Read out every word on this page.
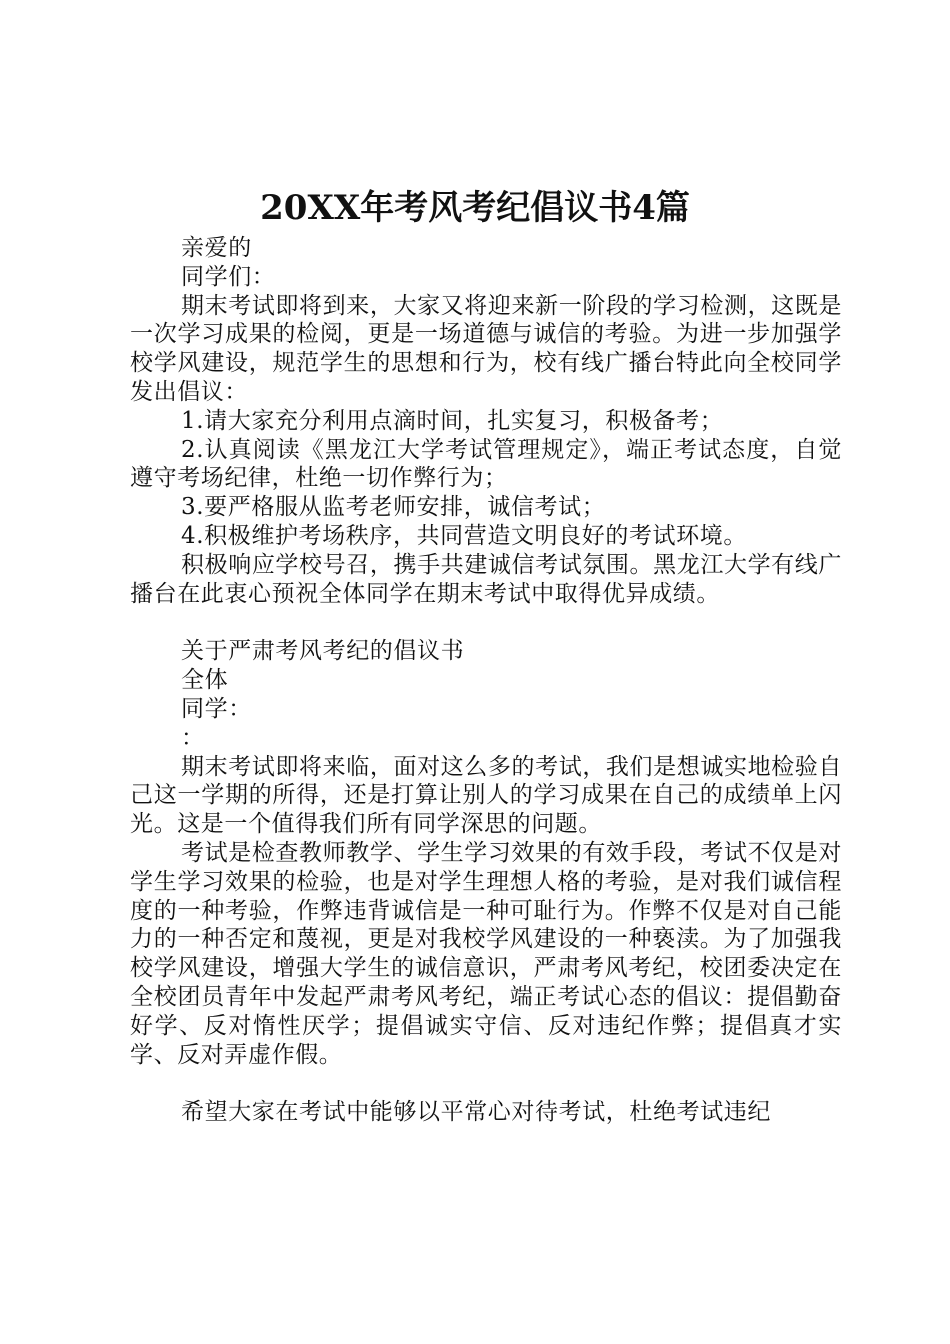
20XX年考风考纪倡议书4篇

亲爱的

同学们：

期末考试即将到来，大家又将迎来新一阶段的学习检测，这既是一次学习成果的检阅，更是一场道德与诚信的考验。为进一步加强学校学风建设，规范学生的思想和行为，校有线广播台特此向全校同学发出倡议：

1.请大家充分利用点滴时间，扎实复习，积极备考；

2.认真阅读《黑龙江大学考试管理规定》，端正考试态度，自觉遵守考场纪律，杜绝一切作弊行为；

3.要严格服从监考老师安排，诚信考试；

4.积极维护考场秩序，共同营造文明良好的考试环境。

积极响应学校号召，携手共建诚信考试氛围。黑龙江大学有线广播台在此衷心预祝全体同学在期末考试中取得优异成绩。

关于严肃考风考纪的倡议书

全体

同学：

：

期末考试即将来临，面对这么多的考试，我们是想诚实地检验自己这一学期的所得，还是打算让别人的学习成果在自己的成绩单上闪光。这是一个值得我们所有同学深思的问题。

考试是检查教师教学、学生学习效果的有效手段，考试不仅是对学生学习效果的检验，也是对学生理想人格的考验，是对我们诚信程度的一种考验，作弊违背诚信是一种可耻行为。作弊不仅是对自己能力的一种否定和蔑视，更是对我校学风建设的一种亵渎。为了加强我校学风建设，增强大学生的诚信意识，严肃考风考纪，校团委决定在全校团员青年中发起严肃考风考纪，端正考试心态的倡议：提倡勤奋好学、反对惰性厌学；提倡诚实守信、反对违纪作弊；提倡真才实学、反对弄虚作假。

希望大家在考试中能够以平常心对待考试，杜绝考试违纪
